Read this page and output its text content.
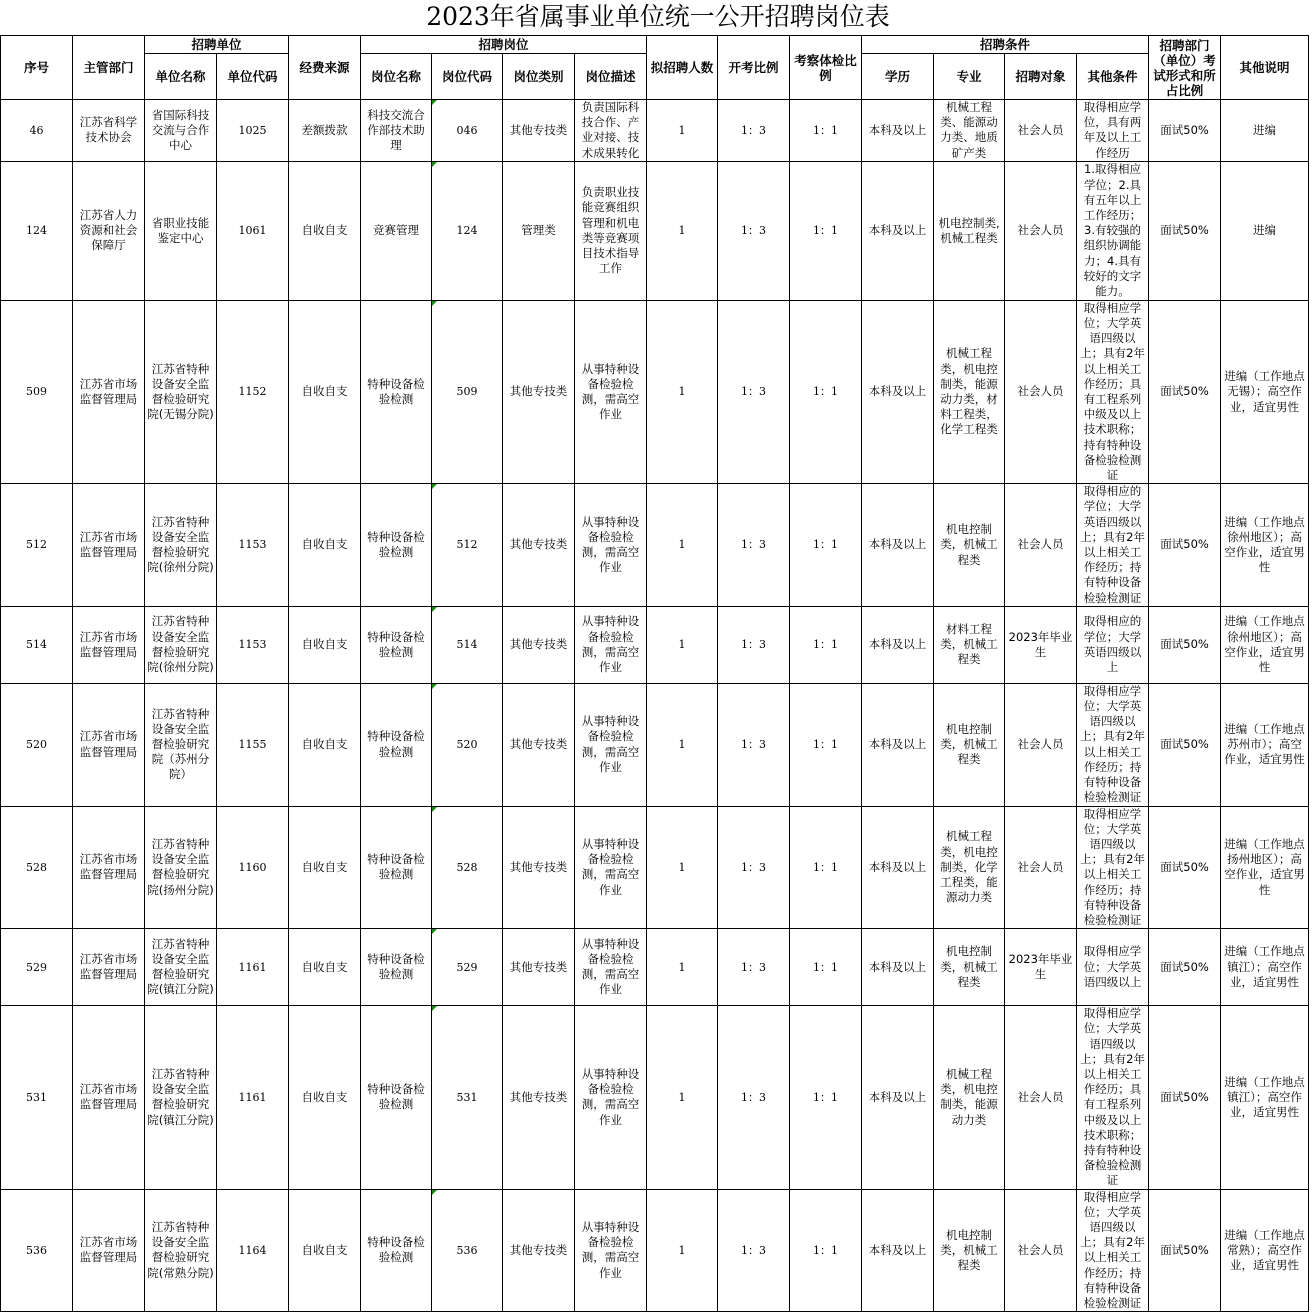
2023年省属事业单位统一公开招聘岗位表
序号	主管部门	招聘单位		经费来源	招聘岗位				拟招聘人数	开考比例	考察体检比例	招聘条件				招聘部门（单位）考试形式和所占比例	其他说明
		单位名称	单位代码		岗位名称	岗位代码	岗位类别	岗位描述				学历	专业	招聘对象	其他条件		
46	江苏省科学技术协会	省国际科技交流与合作中心	1025	差额拨款	科技交流合作部技术助理	046	其他专技类	负责国际科技合作、产业对接、技术成果转化	1	1：3	1：1	本科及以上	机械工程类、能源动力类、地质矿产类	社会人员	取得相应学位，具有两年及以上工作经历	面试50%	进编
124	江苏省人力资源和社会保障厅	省职业技能鉴定中心	1061	自收自支	竞赛管理	124	管理类	负责职业技能竞赛组织管理和机电类等竞赛项目技术指导工作	1	1：3	1：1	本科及以上	机电控制类,机械工程类	社会人员	1.取得相应学位；2.具有五年以上工作经历；3.有较强的组织协调能力；4.具有较好的文字能力。	面试50%	进编
509	江苏省市场监督管理局	江苏省特种设备安全监督检验研究院(无锡分院)	1152	自收自支	特种设备检验检测	509	其他专技类	从事特种设备检验检测，需高空作业	1	1：3	1：1	本科及以上	机械工程类，机电控制类，能源动力类，材料工程类，化学工程类	社会人员	取得相应学位；大学英语四级以上；具有2年以上相关工作经历；具有工程系列中级及以上技术职称；持有特种设备检验检测证	面试50%	进编（工作地点无锡）；高空作业，适宜男性
512	江苏省市场监督管理局	江苏省特种设备安全监督检验研究院(徐州分院)	1153	自收自支	特种设备检验检测	512	其他专技类	从事特种设备检验检测，需高空作业	1	1：3	1：1	本科及以上	机电控制类，机械工程类	社会人员	取得相应的学位；大学英语四级以上；具有2年以上相关工作经历；持有特种设备检验检测证	面试50%	进编（工作地点徐州地区）；高空作业，适宜男性
514	江苏省市场监督管理局	江苏省特种设备安全监督检验研究院(徐州分院)	1153	自收自支	特种设备检验检测	514	其他专技类	从事特种设备检验检测，需高空作业	1	1：3	1：1	本科及以上	材料工程类，机械工程类	2023年毕业生	取得相应的学位；大学英语四级以上	面试50%	进编（工作地点徐州地区）；高空作业，适宜男性
520	江苏省市场监督管理局	江苏省特种设备安全监督检验研究院（苏州分院）	1155	自收自支	特种设备检验检测	520	其他专技类	从事特种设备检验检测，需高空作业	1	1：3	1：1	本科及以上	机电控制类，机械工程类	社会人员	取得相应学位；大学英语四级以上；具有2年以上相关工作经历；持有特种设备检验检测证	面试50%	进编（工作地点苏州市）；高空作业，适宜男性
528	江苏省市场监督管理局	江苏省特种设备安全监督检验研究院(扬州分院)	1160	自收自支	特种设备检验检测	528	其他专技类	从事特种设备检验检测，需高空作业	1	1：3	1：1	本科及以上	机械工程类，机电控制类，化学工程类，能源动力类	社会人员	取得相应学位；大学英语四级以上；具有2年以上相关工作经历；持有特种设备检验检测证	面试50%	进编（工作地点扬州地区）；高空作业，适宜男性
529	江苏省市场监督管理局	江苏省特种设备安全监督检验研究院(镇江分院)	1161	自收自支	特种设备检验检测	529	其他专技类	从事特种设备检验检测，需高空作业	1	1：3	1：1	本科及以上	机电控制类，机械工程类	2023年毕业生	取得相应学位；大学英语四级以上	面试50%	进编（工作地点镇江）；高空作业，适宜男性
531	江苏省市场监督管理局	江苏省特种设备安全监督检验研究院(镇江分院)	1161	自收自支	特种设备检验检测	531	其他专技类	从事特种设备检验检测，需高空作业	1	1：3	1：1	本科及以上	机械工程类，机电控制类，能源动力类	社会人员	取得相应学位；大学英语四级以上；具有2年以上相关工作经历；具有工程系列中级及以上技术职称；持有特种设备检验检测证	面试50%	进编（工作地点镇江）；高空作业，适宜男性
536	江苏省市场监督管理局	江苏省特种设备安全监督检验研究院(常熟分院)	1164	自收自支	特种设备检验检测	536	其他专技类	从事特种设备检验检测，需高空作业	1	1：3	1：1	本科及以上	机电控制类，机械工程类	社会人员	取得相应学位；大学英语四级以上；具有2年以上相关工作经历；持有特种设备检验检测证	面试50%	进编（工作地点常熟）；高空作业，适宜男性
